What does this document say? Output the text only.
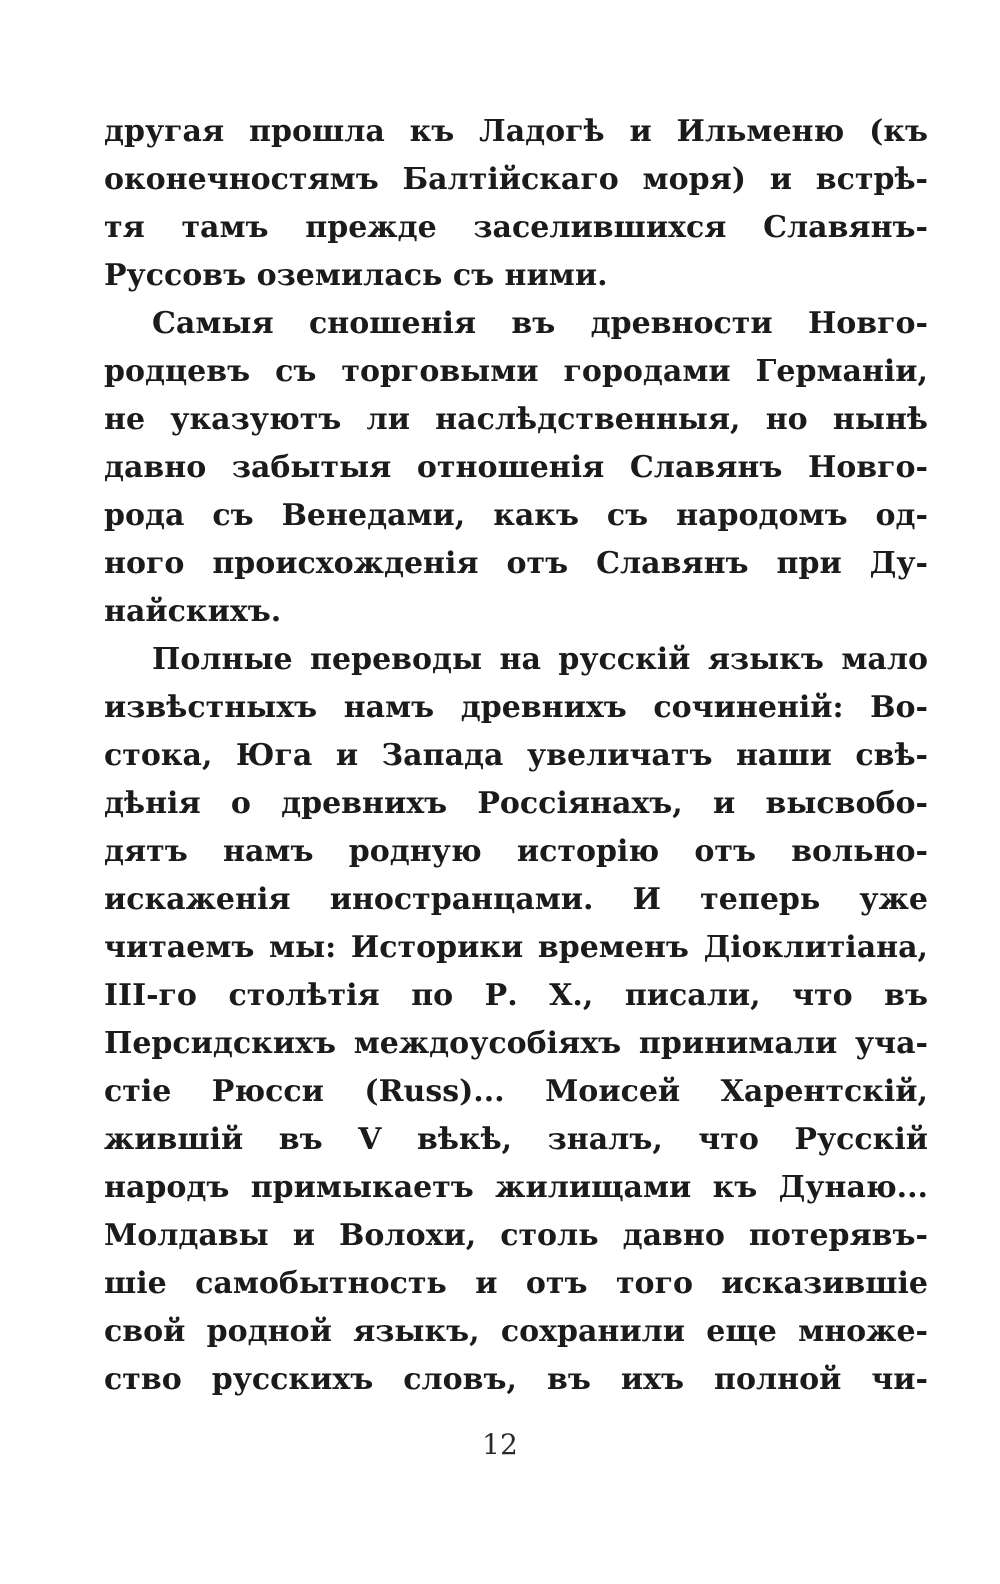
другая прошла къ Ладогѣ и Ильменю (къ
оконечностямъ Балтійскаго моря) и встрѣ-
тя тамъ прежде заселившихся Славянъ-
Руссовъ оземилась съ ними.
Самыя сношенія въ древности Новго-
родцевъ съ торговыми городами Германіи,
не указуютъ ли наслѣдственныя, но нынѣ
давно забытыя отношенія Славянъ Новго-
рода съ Венедами, какъ съ народомъ од-
ного происхожденія отъ Славянъ при Ду-
найскихъ.
Полные переводы на русскій языкъ мало
извѣстныхъ намъ древнихъ сочиненій: Во-
стока, Юга и Запада увеличатъ наши свѣ-
дѣнія о древнихъ Россіянахъ, и высвобо-
дятъ намъ родную исторію отъ вольно-
искаженія иностранцами. И теперь уже
читаемъ мы: Историки временъ Діоклитіана,
III-го столѣтія по Р. Х., писали, что въ
Персидскихъ междоусобіяхъ принимали уча-
стіе Рюсси (Russ)... Моисей Харентскій,
жившій въ V вѣкѣ, зналъ, что Русскій
народъ примыкаетъ жилищами къ Дунаю...
Молдавы и Волохи, столь давно потерявъ-
шіе самобытность и отъ того исказившіе
свой родной языкъ, сохранили еще множе-
ство русскихъ словъ, въ ихъ полной чи-
12
